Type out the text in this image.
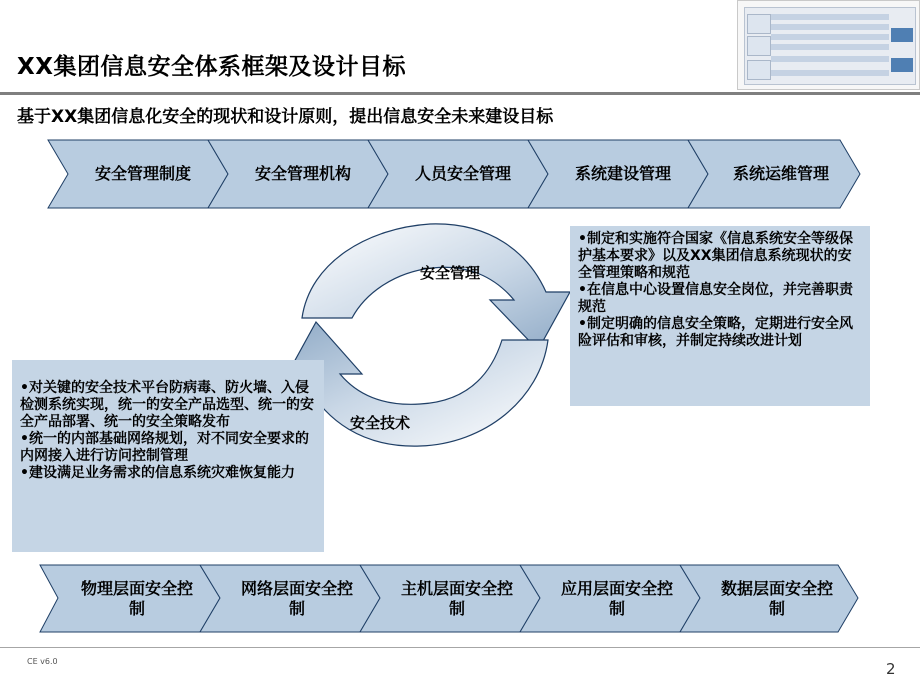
XX集团信息安全体系框架及设计目标
基于XX集团信息化安全的现状和设计原则，提出信息安全未来建设目标
安全管理制度	安全管理机构	人员安全管理	系统建设管理	系统运维管理
物理层面安全控制
网络层面安全控制
主机层面安全控制
应用层面安全控制
数据层面安全控制
安全管理
安全技术

•制定和实施符合国家《信息系统安全等级保护基本要求》以及XX集团信息系统现状的安全管理策略和规范

•在信息中心设置信息安全岗位，并完善职责规范

•制定明确的信息安全策略，定期进行安全风险评估和审核，并制定持续改进计划

•对关键的安全技术平台防病毒、防火墙、入侵检测系统实现，统一的安全产品选型、统一的安全产品部署、统一的安全策略发布

•统一的内部基础网络规划，对不同安全要求的内网接入进行访问控制管理

•建设满足业务需求的信息系统灾难恢复能力

CE v6.0	2
